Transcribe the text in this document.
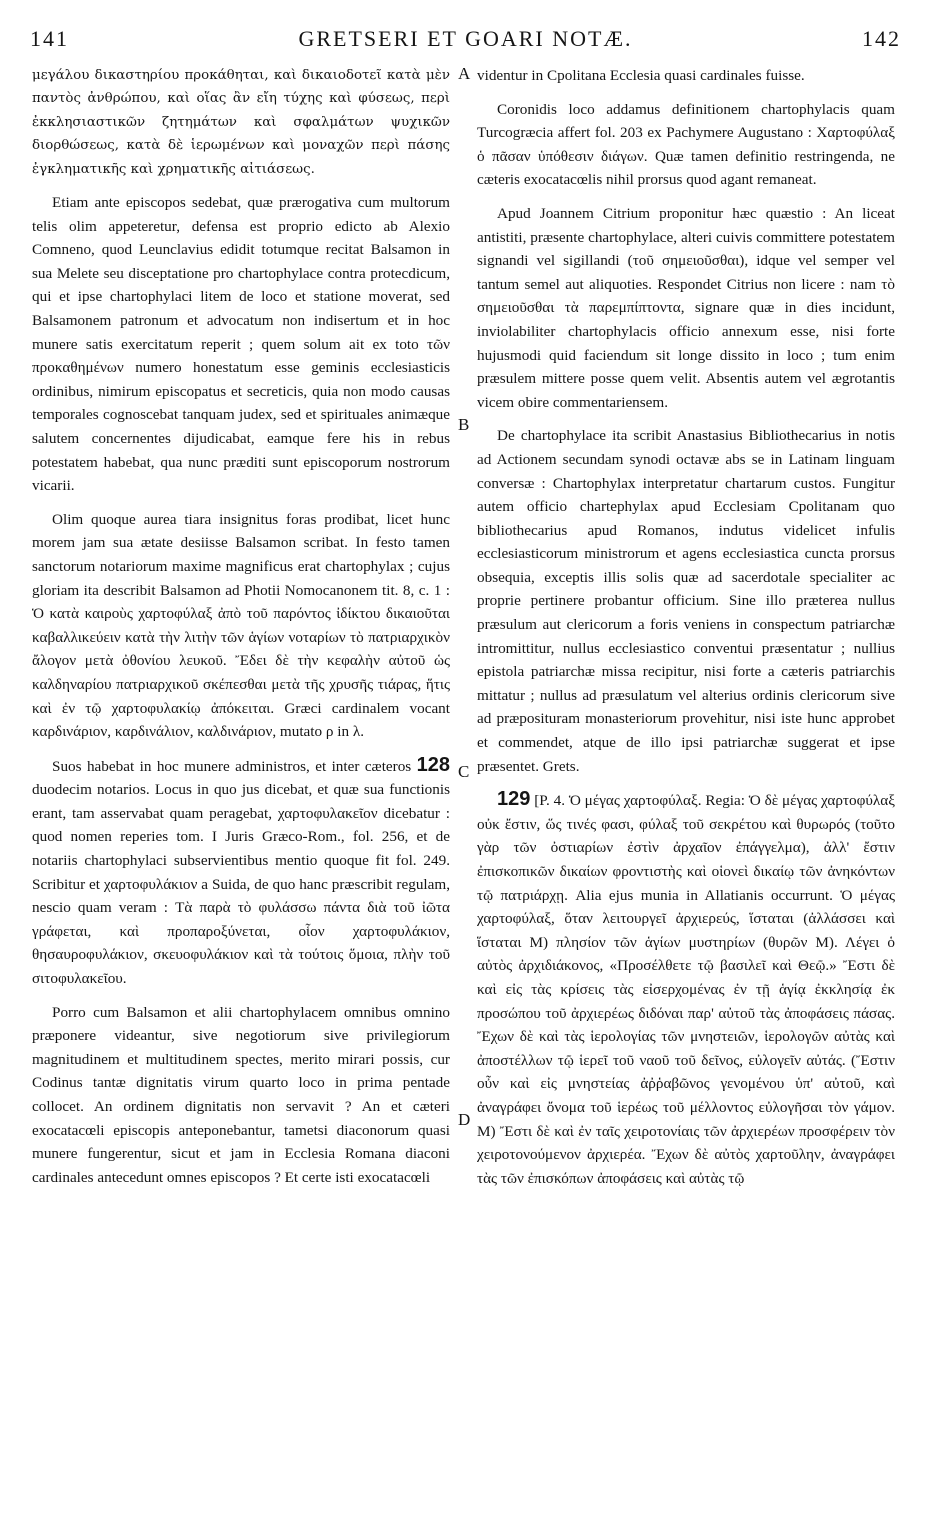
141	GRETSERI ET GOARI NOTÆ.	142

μεγάλου δικαστηρίου προκάθηται, καὶ δικαιοδοτεῖ κατὰ μὲν παντὸς ἀνθρώπου, καὶ οἵας ἂν εἴη τύχης καὶ φύσεως, περὶ ἐκκλησιαστικῶν ζητημάτων καὶ σφαλμάτων ψυχικῶν διορθώσεως, κατὰ δὲ ἱερωμένων καὶ μοναχῶν περὶ πάσης ἐγκληματικῆς καὶ χρηματικῆς αἰτιάσεως.

Etiam ante episcopos sedebat, quæ prærogativa cum multorum telis olim appeteretur, defensa est proprio edicto ab Alexio Comneno, quod Leunclavius edidit totumque recitat Balsamon in sua Melete seu disceptatione pro chartophylace contra protecdicum, qui et ipse chartophylaci litem de loco et statione moverat, sed Balsamonem patronum et advocatum non indisertum et in hoc munere satis exercitatum reperit ; quem solum ait ex toto τῶν προκαθημένων numero honestatum esse geminis ecclesiasticis ordinibus, nimirum episcopatus et secreticis, quia non modo causas temporales cognoscebat tanquam judex, sed et spirituales animæque salutem concernentes dijudicabat, eamque fere his in rebus potestatem habebat, qua nunc præditi sunt episcoporum nostrorum vicarii.

Olim quoque aurea tiara insignitus foras prodibat, licet hunc morem jam sua ætate desiisse Balsamon scribat. In festo tamen sanctorum notariorum maxime magnificus erat chartophylax ; cujus gloriam ita describit Balsamon ad Photii Nomocanonem tit. 8, c. 1 : Ὁ κατὰ καιροὺς χαρτοφύλαξ ἀπὸ τοῦ παρόντος ἰδίκτου δικαιοῦται καβαλλικεύειν κατὰ τὴν λιτὴν τῶν ἁγίων νοταρίων τὸ πατριαρχικὸν ἄλογον μετὰ ὀθονίου λευκοῦ. Ἔδει δὲ τὴν κεφαλὴν αὐτοῦ ὡς καλδηναρίου πατριαρχικοῦ σκέπεσθαι μετὰ τῆς χρυσῆς τιάρας, ἥτις καὶ ἐν τῷ χαρτοφυλακίῳ ἀπόκειται. Græci cardinalem vocant καρδινάριον, καρδινάλιον, καλδινάριον, mutato ρ in λ.

Suos habebat in hoc munere administros, et inter cæteros 128 duodecim notarios. Locus in quo jus dicebat, et quæ sua functionis erant, tam asservabat quam peragebat, χαρτοφυλακεῖον dicebatur : quod nomen reperies tom. I Juris Græco-Rom., fol. 256, et de notariis chartophylaci subservientibus mentio quoque fit fol. 249. Scribitur et χαρτοφυλάκιον a Suida, de quo hanc præscribit regulam, nescio quam veram : Τὰ παρὰ τὸ φυλάσσω πάντα διὰ τοῦ ἰῶτα γράφεται, καὶ προπαροξύνεται, οἷον χαρτοφυλάκιον, θησαυροφυλάκιον, σκευοφυλάκιον καὶ τὰ τούτοις ὅμοια, πλὴν τοῦ σιτοφυλακεῖου.

Porro cum Balsamon et alii chartophylacem omnibus omnino præponere videantur, sive negotiorum sive privilegiorum magnitudinem et multitudinem spectes, merito mirari possis, cur Codinus tantæ dignitatis virum quarto loco in prima pentade collocet. An ordinem dignitatis non servavit ? An et cæteri exocatacœli episcopis anteponebantur, tametsi diaconorum quasi munere fungerentur, sicut et jam in Ecclesia Romana diaconi cardinales antecedunt omnes episcopos ? Et certe isti exocatacœli

A
B
C
D

videntur in Cpolitana Ecclesia quasi cardinales fuisse.

Coronidis loco addamus definitionem chartophylacis quam Turcogræcia affert fol. 203 ex Pachymere Augustano : Χαρτοφύλαξ ὁ πᾶσαν ὑπόθεσιν διάγων. Quæ tamen definitio restringenda, ne cæteris exocatacœlis nihil prorsus quod agant remaneat.

Apud Joannem Citrium proponitur hæc quæstio : An liceat antistiti, præsente chartophylace, alteri cuivis committere potestatem signandi vel sigillandi (τοῦ σημειοῦσθαι), idque vel semper vel tantum semel aut aliquoties. Respondet Citrius non licere : nam τὸ σημειοῦσθαι τὰ παρεμπίπτοντα, signare quæ in dies incidunt, inviolabiliter chartophylacis officio annexum esse, nisi forte hujusmodi quid faciendum sit longe dissito in loco ; tum enim præsulem mittere posse quem velit. Absentis autem vel ægrotantis vicem obire commentariensem.

De chartophylace ita scribit Anastasius Bibliothecarius in notis ad Actionem secundam synodi octavæ abs se in Latinam linguam conversæ : Chartophylax interpretatur chartarum custos. Fungitur autem officio chartephylax apud Ecclesiam Cpolitanam quo bibliothecarius apud Romanos, indutus videlicet infulis ecclesiasticorum ministrorum et agens ecclesiastica cuncta prorsus obsequia, exceptis illis solis quæ ad sacerdotale specialiter ac proprie pertinere probantur officium. Sine illo præterea nullus præsulum aut clericorum a foris veniens in conspectum patriarchæ intromittitur, nullus ecclesiastico conventui præsentatur ; nullius epistola patriarchæ missa recipitur, nisi forte a cæteris patriarchis mittatur ; nullus ad præsulatum vel alterius ordinis clericorum sive ad præposituram monasteriorum provehitur, nisi iste hunc approbet et commendet, atque de illo ipsi patriarchæ suggerat et ipse præsentet. Grets.

129 [P. 4. Ὁ μέγας χαρτοφύλαξ. Regia: Ὁ δὲ μέγας χαρτοφύλαξ οὐκ ἔστιν, ὥς τινές φασι, φύλαξ τοῦ σεκρέτου καὶ θυρωρός (τοῦτο γὰρ τῶν ὀστιαρίων ἐστὶν ἀρχαῖον ἐπάγγελμα), ἀλλ' ἔστιν ἐπισκοπικῶν δικαίων φροντιστὴς καὶ οἱονεὶ δικαίῳ τῶν ἀνηκόντων τῷ πατριάρχῃ. Alia ejus munia in Allatianis occurrunt. Ὁ μέγας χαρτοφύλαξ, ὅταν λειτουργεῖ ἀρχιερεύς, ἵσταται (ἀλλάσσει καὶ ἵσταται M) πλησίον τῶν ἁγίων μυστηρίων (θυρῶν M). Λέγει ὁ αὐτὸς ἀρχιδιάκονος, «Προσέλθετε τῷ βασιλεῖ καὶ Θεῷ.» Ἔστι δὲ καὶ εἰς τὰς κρίσεις τὰς εἰσερχομένας ἐν τῇ ἁγίᾳ ἐκκλησίᾳ ἐκ προσώπου τοῦ ἀρχιερέως διδόναι παρ' αὐτοῦ τὰς ἀποφάσεις πάσας. Ἔχων δὲ καὶ τὰς ἱερολογίας τῶν μνηστειῶν, ἱερολογῶν αὐτὰς καὶ ἀποστέλλων τῷ ἱερεῖ τοῦ ναοῦ τοῦ δεῖνος, εὐλογεῖν αὐτάς. (Ἔστιν οὖν καὶ εἰς μνηστείας ἀῤῥαβῶνος γενομένου ὑπ' αὐτοῦ, καὶ ἀναγράφει ὄνομα τοῦ ἱερέως τοῦ μέλλοντος εὐλογῆσαι τὸν γάμον. M) Ἔστι δὲ καὶ ἐν ταῖς χειροτονίαις τῶν ἀρχιερέων προσφέρειν τὸν χειροτονούμενον ἀρχιερέα. Ἔχων δὲ αὐτὸς χαρτοῦλην, ἀναγράφει τὰς τῶν ἐπισκόπων ἀποφάσεις καὶ αὐτὰς τῷ
